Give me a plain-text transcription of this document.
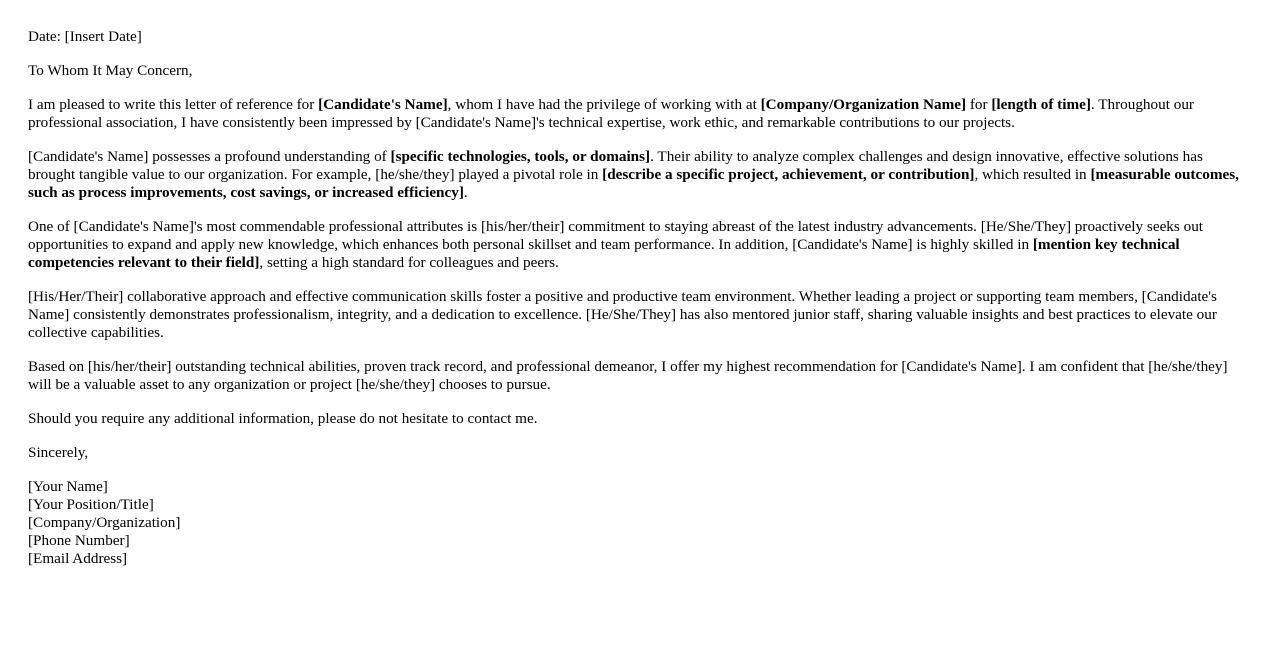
Date: [Insert Date]

To Whom It May Concern,

I am pleased to write this letter of reference for [Candidate's Name], whom I have had the privilege of working with at [Company/Organization Name] for [length of time]. Throughout our professional association, I have consistently been impressed by [Candidate's Name]'s technical expertise, work ethic, and remarkable contributions to our projects.

[Candidate's Name] possesses a profound understanding of [specific technologies, tools, or domains]. Their ability to analyze complex challenges and design innovative, effective solutions has brought tangible value to our organization. For example, [he/she/they] played a pivotal role in [describe a specific project, achievement, or contribution], which resulted in [measurable outcomes, such as process improvements, cost savings, or increased efficiency].

One of [Candidate's Name]'s most commendable professional attributes is [his/her/their] commitment to staying abreast of the latest industry advancements. [He/She/They] proactively seeks out opportunities to expand and apply new knowledge, which enhances both personal skillset and team performance. In addition, [Candidate's Name] is highly skilled in [mention key technical competencies relevant to their field], setting a high standard for colleagues and peers.

[His/Her/Their] collaborative approach and effective communication skills foster a positive and productive team environment. Whether leading a project or supporting team members, [Candidate's Name] consistently demonstrates professionalism, integrity, and a dedication to excellence. [He/She/They] has also mentored junior staff, sharing valuable insights and best practices to elevate our collective capabilities.

Based on [his/her/their] outstanding technical abilities, proven track record, and professional demeanor, I offer my highest recommendation for [Candidate's Name]. I am confident that [he/she/they] will be a valuable asset to any organization or project [he/she/they] chooses to pursue.

Should you require any additional information, please do not hesitate to contact me.

Sincerely,

[Your Name]
[Your Position/Title]
[Company/Organization]
[Phone Number]
[Email Address]
